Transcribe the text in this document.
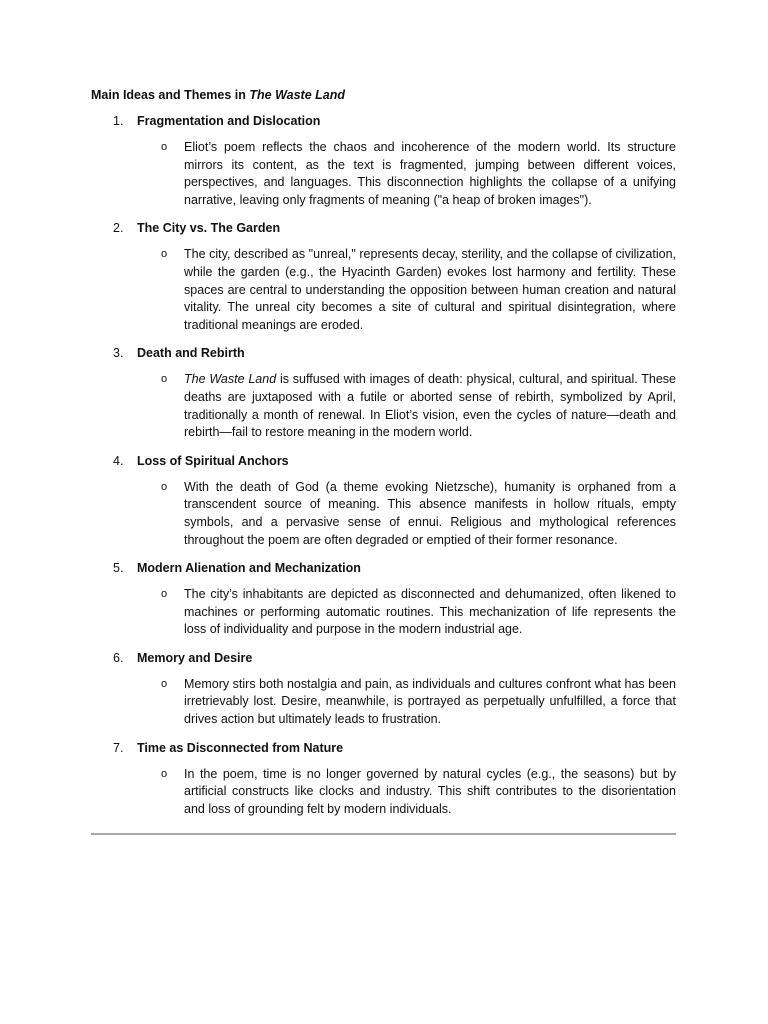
Main Ideas and Themes in The Waste Land
1. Fragmentation and Dislocation
o Eliot’s poem reflects the chaos and incoherence of the modern world. Its structure mirrors its content, as the text is fragmented, jumping between different voices, perspectives, and languages. This disconnection highlights the collapse of a unifying narrative, leaving only fragments of meaning ("a heap of broken images").
2. The City vs. The Garden
o The city, described as "unreal," represents decay, sterility, and the collapse of civilization, while the garden (e.g., the Hyacinth Garden) evokes lost harmony and fertility. These spaces are central to understanding the opposition between human creation and natural vitality. The unreal city becomes a site of cultural and spiritual disintegration, where traditional meanings are eroded.
3. Death and Rebirth
o The Waste Land is suffused with images of death: physical, cultural, and spiritual. These deaths are juxtaposed with a futile or aborted sense of rebirth, symbolized by April, traditionally a month of renewal. In Eliot’s vision, even the cycles of nature—death and rebirth—fail to restore meaning in the modern world.
4. Loss of Spiritual Anchors
o With the death of God (a theme evoking Nietzsche), humanity is orphaned from a transcendent source of meaning. This absence manifests in hollow rituals, empty symbols, and a pervasive sense of ennui. Religious and mythological references throughout the poem are often degraded or emptied of their former resonance.
5. Modern Alienation and Mechanization
o The city’s inhabitants are depicted as disconnected and dehumanized, often likened to machines or performing automatic routines. This mechanization of life represents the loss of individuality and purpose in the modern industrial age.
6. Memory and Desire
o Memory stirs both nostalgia and pain, as individuals and cultures confront what has been irretrievably lost. Desire, meanwhile, is portrayed as perpetually unfulfilled, a force that drives action but ultimately leads to frustration.
7. Time as Disconnected from Nature
o In the poem, time is no longer governed by natural cycles (e.g., the seasons) but by artificial constructs like clocks and industry. This shift contributes to the disorientation and loss of grounding felt by modern individuals.
